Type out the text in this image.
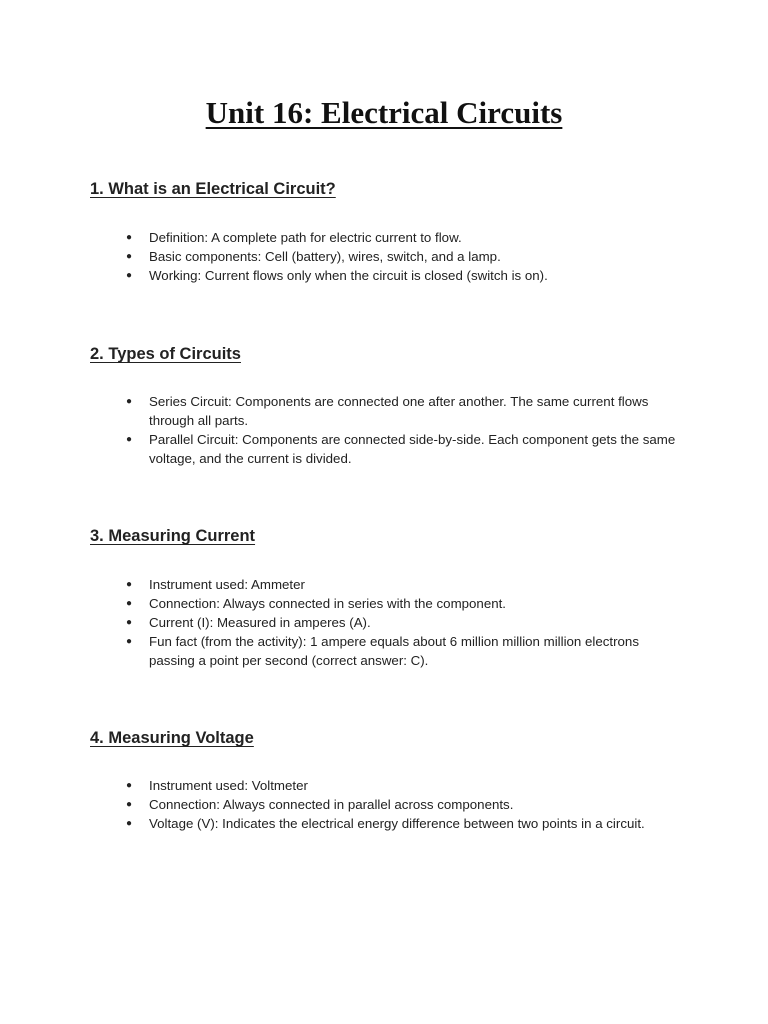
Unit 16: Electrical Circuits
1. What is an Electrical Circuit?
● Definition: A complete path for electric current to flow.
● Basic components: Cell (battery), wires, switch, and a lamp.
● Working: Current flows only when the circuit is closed (switch is on).
2. Types of Circuits
● Series Circuit: Components are connected one after another. The same current flows through all parts.
● Parallel Circuit: Components are connected side-by-side. Each component gets the same voltage, and the current is divided.
3. Measuring Current
● Instrument used: Ammeter
● Connection: Always connected in series with the component.
● Current (I): Measured in amperes (A).
● Fun fact (from the activity): 1 ampere equals about 6 million million million electrons passing a point per second (correct answer: C).
4. Measuring Voltage
● Instrument used: Voltmeter
● Connection: Always connected in parallel across components.
● Voltage (V): Indicates the electrical energy difference between two points in a circuit.
